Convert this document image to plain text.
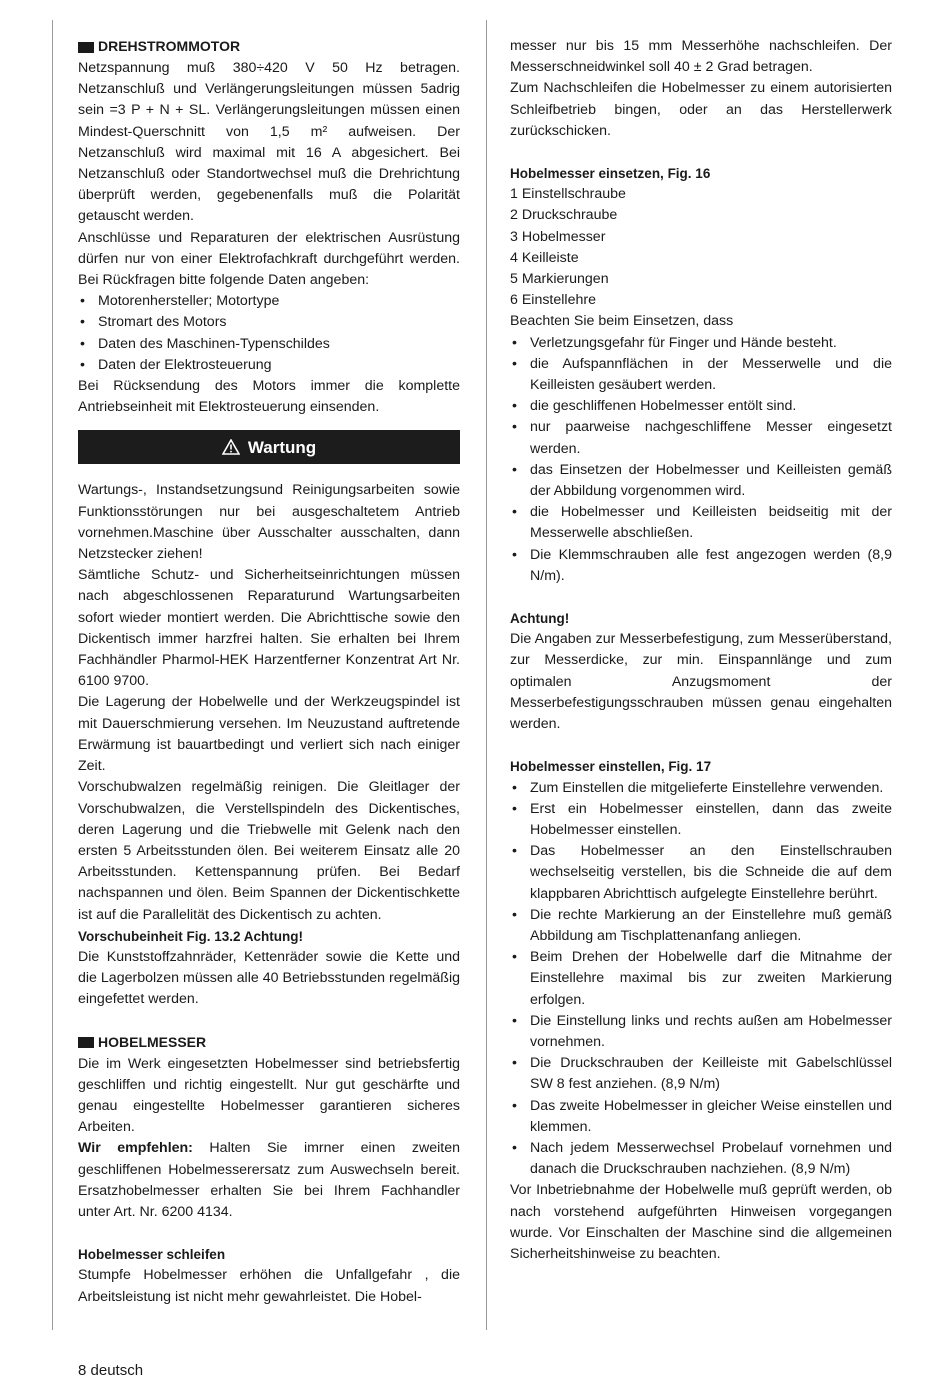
DREHSTROMMOTOR

Netzspannung muß 380÷420 V 50 Hz betragen. Netzanschluß und Verlängerungsleitungen müssen 5adrig sein =3 P + N + SL. Verlängerungsleitungen müssen einen Mindest-Querschnitt von 1,5 m² aufweisen. Der Netzanschluß wird maximal mit 16 A abgesichert. Bei Netzanschluß oder Standortwechsel muß die Drehrichtung überprüft werden, gegebenenfalls muß die Polarität getauscht werden.

Anschlüsse und Reparaturen der elektrischen Ausrüstung dürfen nur von einer Elektrofachkraft durchgeführt werden. Bei Rückfragen bitte folgende Daten angeben:

• Motorenhersteller; Motortype
• Stromart des Motors
• Daten des Maschinen-Typenschildes
• Daten der Elektrosteuerung

Bei Rücksendung des Motors immer die komplette Antriebseinheit mit Elektrosteuerung einsenden.

Wartung

Wartungs-, Instandsetzungsund Reinigungsarbeiten sowie Funktionsstörungen nur bei ausgeschaltetem Antrieb vornehmen.Maschine über Ausschalter ausschalten, dann Netzstecker ziehen!

Sämtliche Schutz- und Sicherheitseinrichtungen müssen nach abgeschlossenen Reparaturund Wartungsarbeiten sofort wieder montiert werden. Die Abrichttische sowie den Dickentisch immer harzfrei halten. Sie erhalten bei Ihrem Fachhändler Pharmol-HEK Harzentferner Konzentrat Art Nr. 6100 9700.

Die Lagerung der Hobelwelle und der Werkzeugspindel ist mit Dauerschmierung versehen. Im Neuzustand auftretende Erwärmung ist bauartbedingt und verliert sich nach einiger Zeit.

Vorschubwalzen regelmäßig reinigen. Die Gleitlager der Vorschubwalzen, die Verstellspindeln des Dickentisches, deren Lagerung und die Triebwelle mit Gelenk nach den ersten 5 Arbeitsstunden ölen. Bei weiterem Einsatz alle 20 Arbeitsstunden. Kettenspannung prüfen. Bei Bedarf nachspannen und ölen. Beim Spannen der Dickentischkette ist auf die Parallelität des Dickentisch zu achten.

Vorschubeinheit Fig. 13.2 Achtung!

Die Kunststoffzahnräder, Kettenräder sowie die Kette und die Lagerbolzen müssen alle 40 Betriebsstunden regelmäßig eingefettet werden.

HOBELMESSER

Die im Werk eingesetzten Hobelmesser sind betriebsfertig geschliffen und richtig eingestellt. Nur gut geschärfte und genau eingestellte Hobelmesser garantieren sicheres Arbeiten.

Wir empfehlen: Halten Sie imrner einen zweiten geschliffenen Hobelmesserersatz zum Auswechseln bereit. Ersatzhobelmesser erhalten Sie bei Ihrem Fachhandler unter Art. Nr. 6200 4134.

Hobelmesser schleifen

Stumpfe Hobelmesser erhöhen die Unfallgefahr , die Arbeitsleistung ist nicht mehr gewahrleistet. Die Hobel-

messer nur bis 15 mm Messerhöhe nachschleifen. Der Messerschneidwinkel soll 40 ± 2 Grad betragen.

Zum Nachschleifen die Hobelmesser zu einem autorisierten Schleifbetrieb bingen, oder an das Herstellerwerk zurückschicken.

Hobelmesser einsetzen, Fig. 16

1 Einstellschraube

2 Druckschraube

3 Hobelmesser

4 Keilleiste

5 Markierungen

6 Einstellehre

Beachten Sie beim Einsetzen, dass

• Verletzungsgefahr für Finger und Hände besteht.
• die Aufspannflächen in der Messerwelle und die Keilleisten gesäubert werden.
• die geschliffenen Hobelmesser entölt sind.
• nur paarweise nachgeschliffene Messer eingesetzt werden.
• das Einsetzen der Hobelmesser und Keilleisten gemäß der Abbildung vorgenommen wird.
• die Hobelmesser und Keilleisten beidseitig mit der Messerwelle abschließen.
• Die Klemmschrauben alle fest angezogen werden (8,9 N/m).

Achtung!

Die Angaben zur Messerbefestigung, zum Messerüberstand, zur Messerdicke, zur min. Einspannlänge und zum optimalen Anzugsmoment der Messerbefestigungsschrauben müssen genau eingehalten werden.

Hobelmesser einstellen, Fig. 17

• Zum Einstellen die mitgelieferte Einstellehre verwenden.
• Erst ein Hobelmesser einstellen, dann das zweite Hobelmesser einstellen.
• Das Hobelmesser an den Einstellschrauben wechselseitig verstellen, bis die Schneide die auf dem klappbaren Abrichttisch aufgelegte Einstellehre berührt.
• Die rechte Markierung an der Einstellehre muß gemäß Abbildung am Tischplattenanfang anliegen.
• Beim Drehen der Hobelwelle darf die Mitnahme der Einstellehre maximal bis zur zweiten Markierung erfolgen.
• Die Einstellung links und rechts außen am Hobelmesser vornehmen.
• Die Druckschrauben der Keilleiste mit Gabelschlüssel SW 8 fest anziehen. (8,9 N/m)
• Das zweite Hobelmesser in gleicher Weise einstellen und klemmen.
• Nach jedem Messerwechsel Probelauf vornehmen und danach die Druckschrauben nachziehen. (8,9 N/m)

Vor Inbetriebnahme der Hobelwelle muß geprüft werden, ob nach vorstehend aufgeführten Hinweisen vorgegangen wurde. Vor Einschalten der Maschine sind die allgemeinen Sicherheitshinweise zu beachten.

8 deutsch
